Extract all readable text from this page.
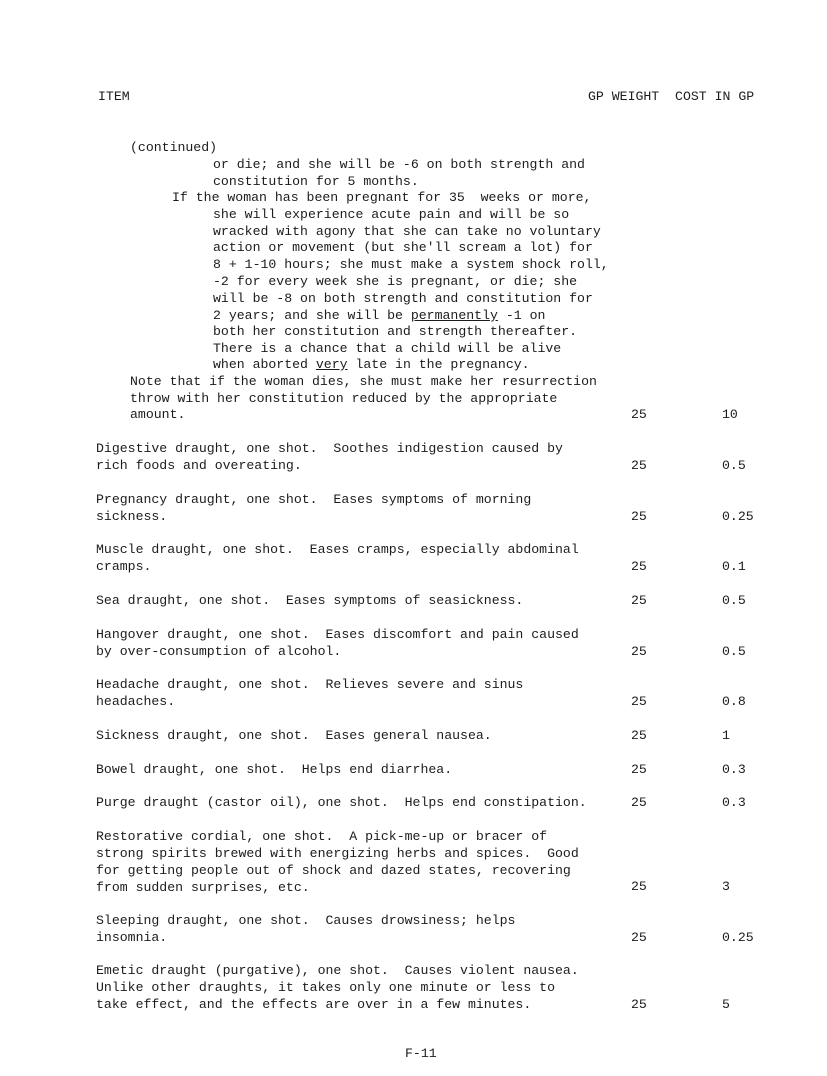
ITEM	GP WEIGHT  COST IN GP
(continued)
or die; and she will be -6 on both strength and
constitution for 5 months.
If the woman has been pregnant for 35  weeks or more,
she will experience acute pain and will be so
wracked with agony that she can take no voluntary
action or movement (but she'll scream a lot) for
8 + 1-10 hours; she must make a system shock roll,
-2 for every week she is pregnant, or die; she
will be -8 on both strength and constitution for
2 years; and she will be permanently -1 on
both her constitution and strength thereafter.
There is a chance that a child will be alive
when aborted very late in the pregnancy.
Note that if the woman dies, she must make her resurrection
throw with her constitution reduced by the appropriate
amount.	25	10
Digestive draught, one shot.  Soothes indigestion caused by
rich foods and overeating.	25	0.5
Pregnancy draught, one shot.  Eases symptoms of morning
sickness.	25	0.25
Muscle draught, one shot.  Eases cramps, especially abdominal
cramps.	25	0.1
Sea draught, one shot.  Eases symptoms of seasickness.	25	0.5
Hangover draught, one shot.  Eases discomfort and pain caused
by over-consumption of alcohol.	25	0.5
Headache draught, one shot.  Relieves severe and sinus
headaches.	25	0.8
Sickness draught, one shot.  Eases general nausea.	25	1
Bowel draught, one shot.  Helps end diarrhea.	25	0.3
Purge draught (castor oil), one shot.  Helps end constipation.	25	0.3
Restorative cordial, one shot.  A pick-me-up or bracer of
strong spirits brewed with energizing herbs and spices.  Good
for getting people out of shock and dazed states, recovering
from sudden surprises, etc.	25	3
Sleeping draught, one shot.  Causes drowsiness; helps
insomnia.	25	0.25
Emetic draught (purgative), one shot.  Causes violent nausea.
Unlike other draughts, it takes only one minute or less to
take effect, and the effects are over in a few minutes.	25	5
F-11
